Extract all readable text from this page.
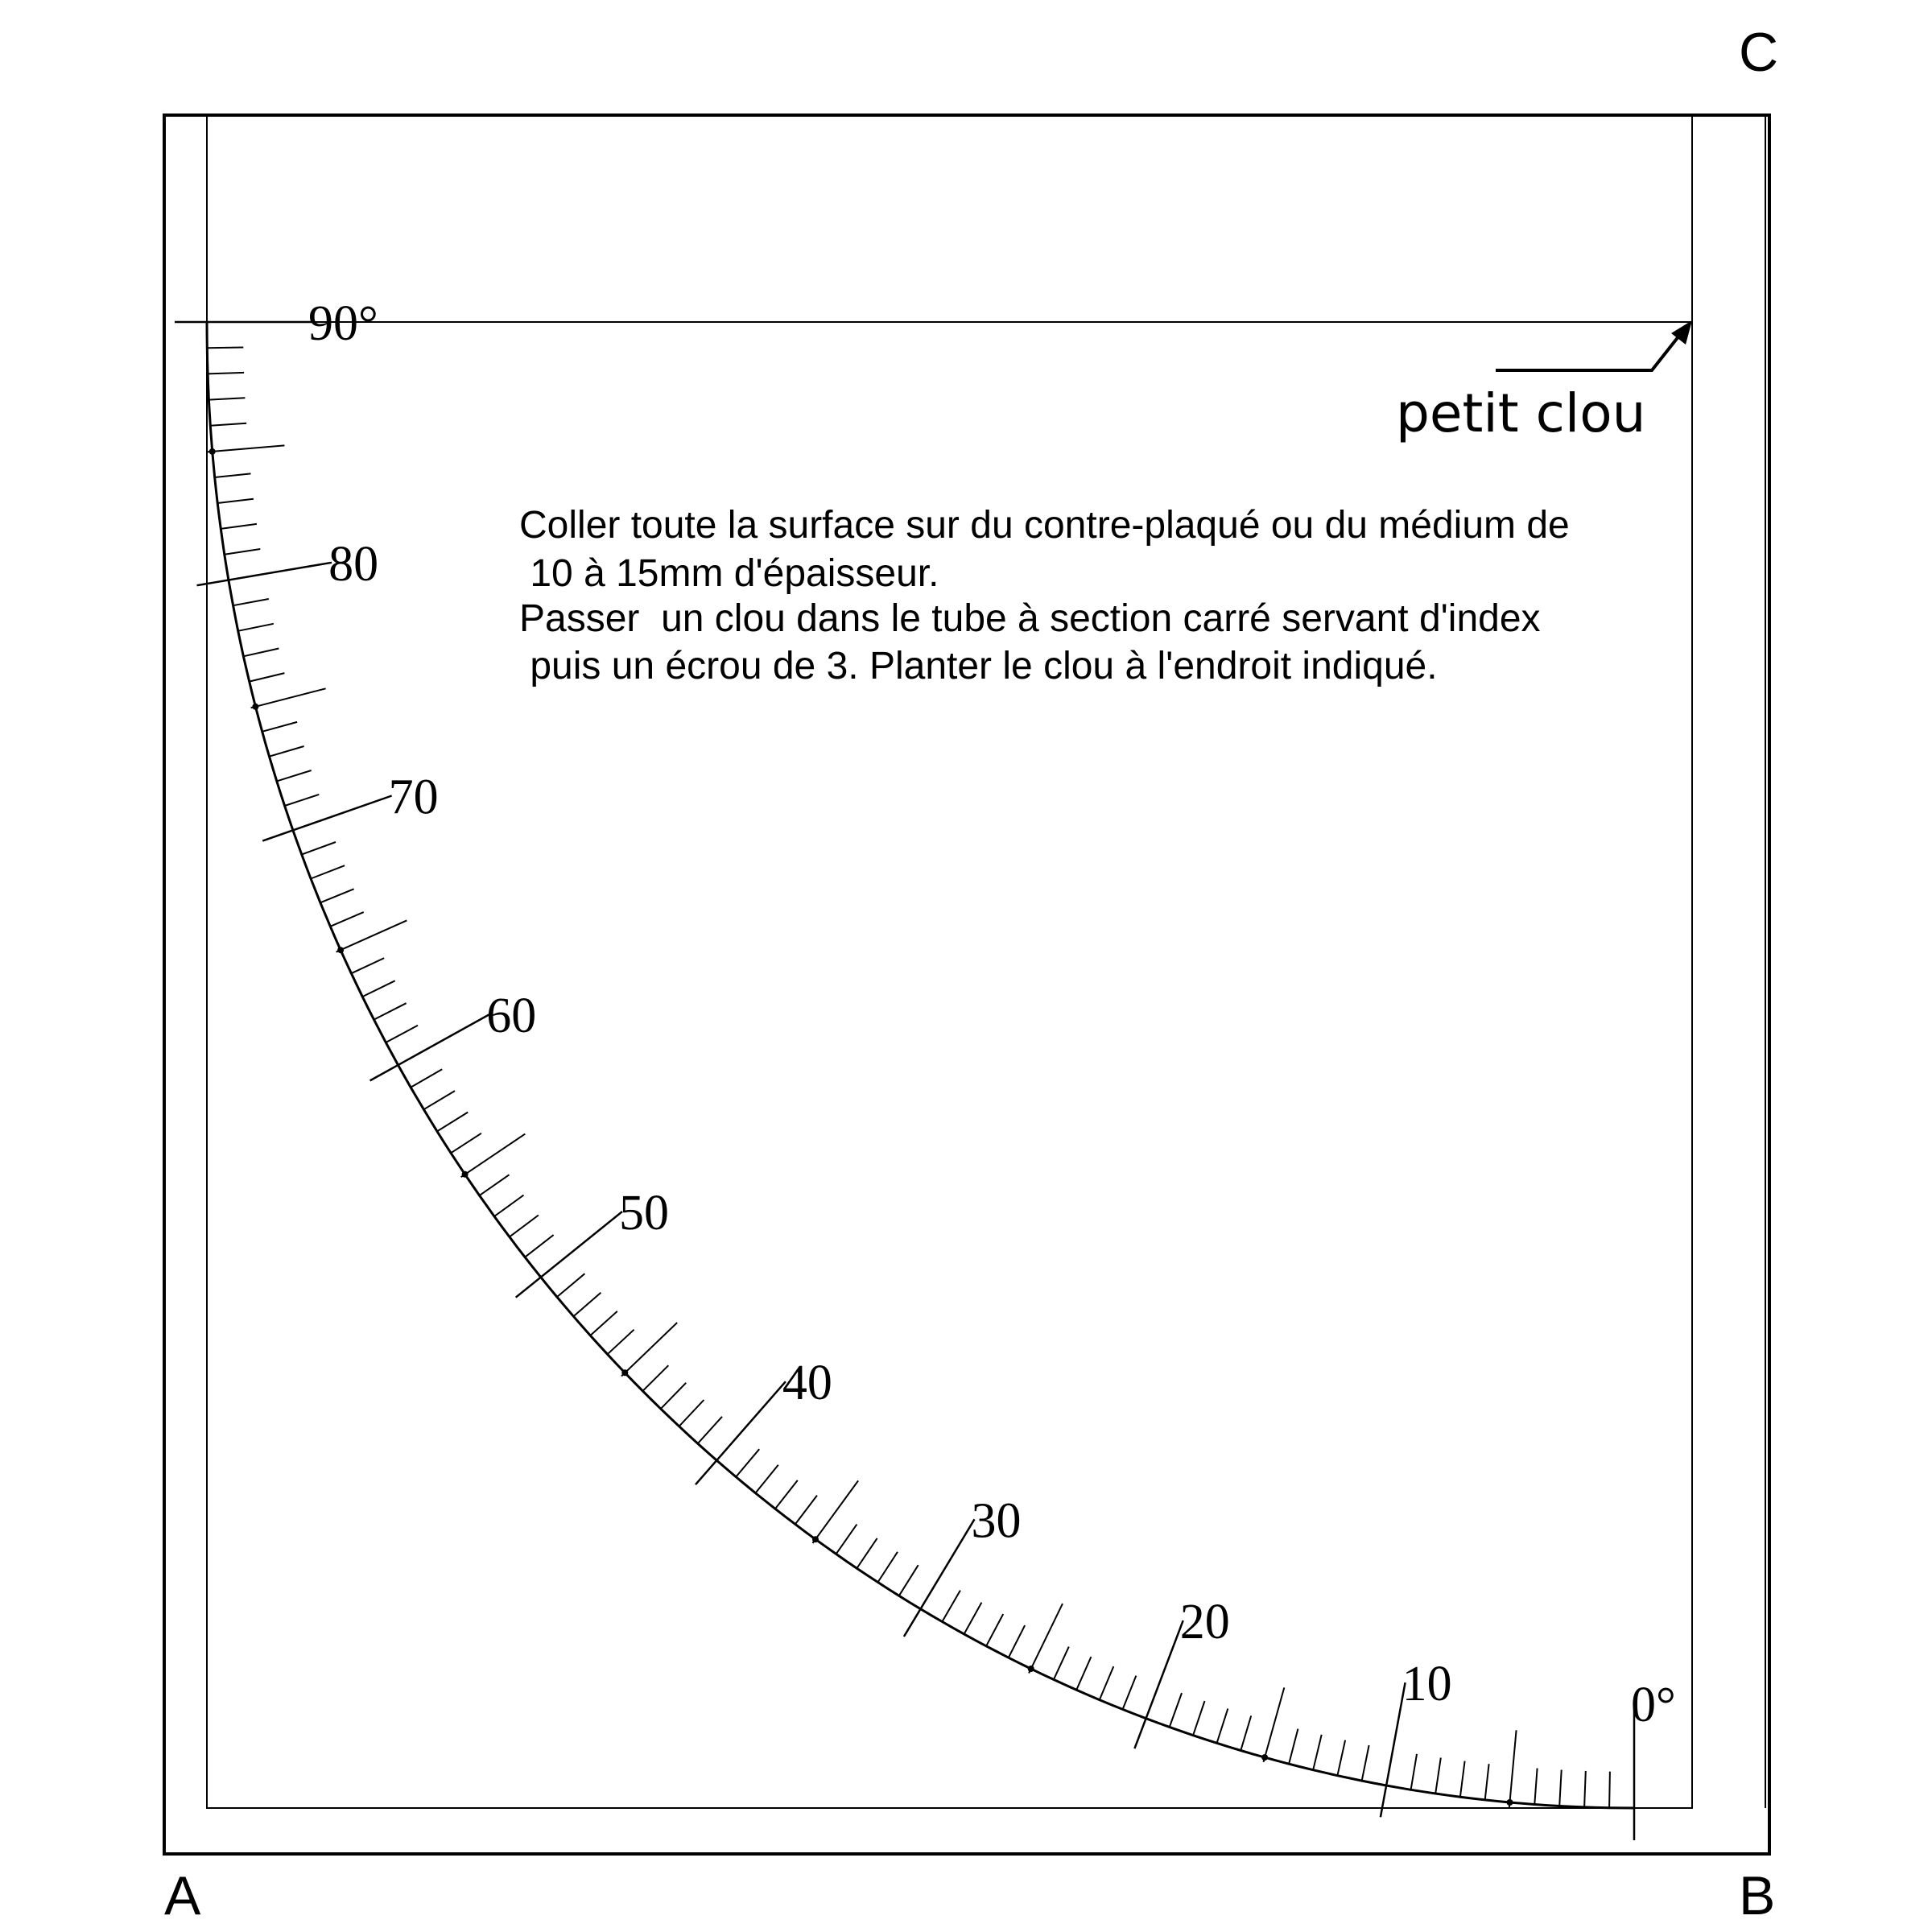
A	B
C
0°
10
20
30
40
50
60
70
80
90°
Coller toute la surface sur du contre-plaqué ou du médium de
10 à 15mm d'épaisseur.
Passer  un clou dans le tube à section carré servant d'index
puis un écrou de 3. Planter le clou à l'endroit indiqué.
petit clou
